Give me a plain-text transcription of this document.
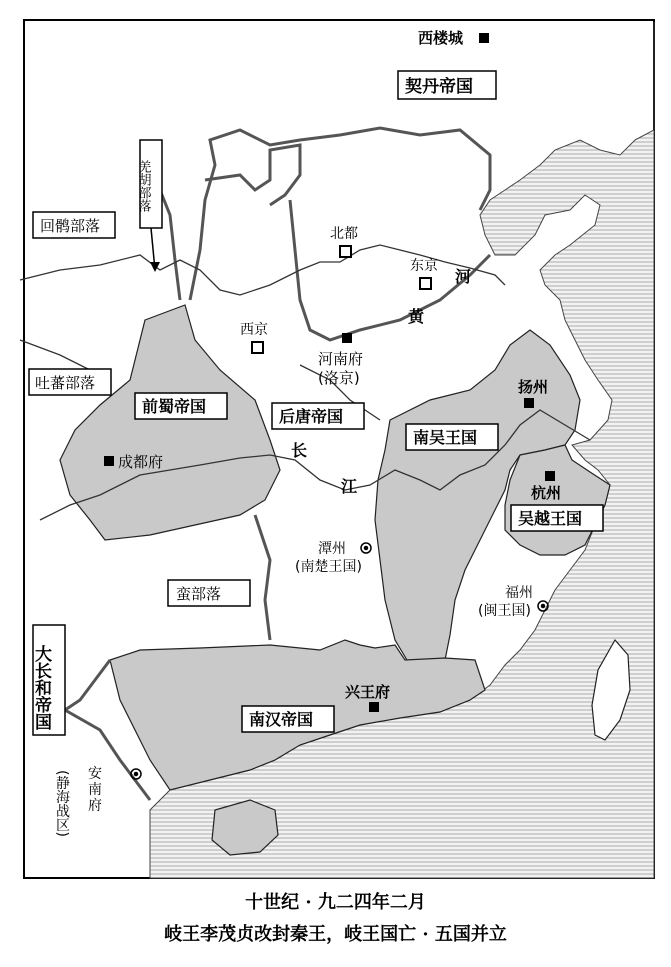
西楼城
契丹帝国
羌胡部落
回鹘部落	北都
东京
河
黄
西京
河南府
(洛京)
吐蕃部落
前蜀帝国
后唐帝国
扬州
南吴王国
长
成都府
江	杭州
吴越王国
潭州
(南楚王国)
蛮部落	福州
(闽王国)
大长和帝国	兴王府
南汉帝国
安
南
府
(静海战区)
十世纪 · 九二四年二月
岐王李茂贞改封秦王，岐王国亡 · 五国并立
